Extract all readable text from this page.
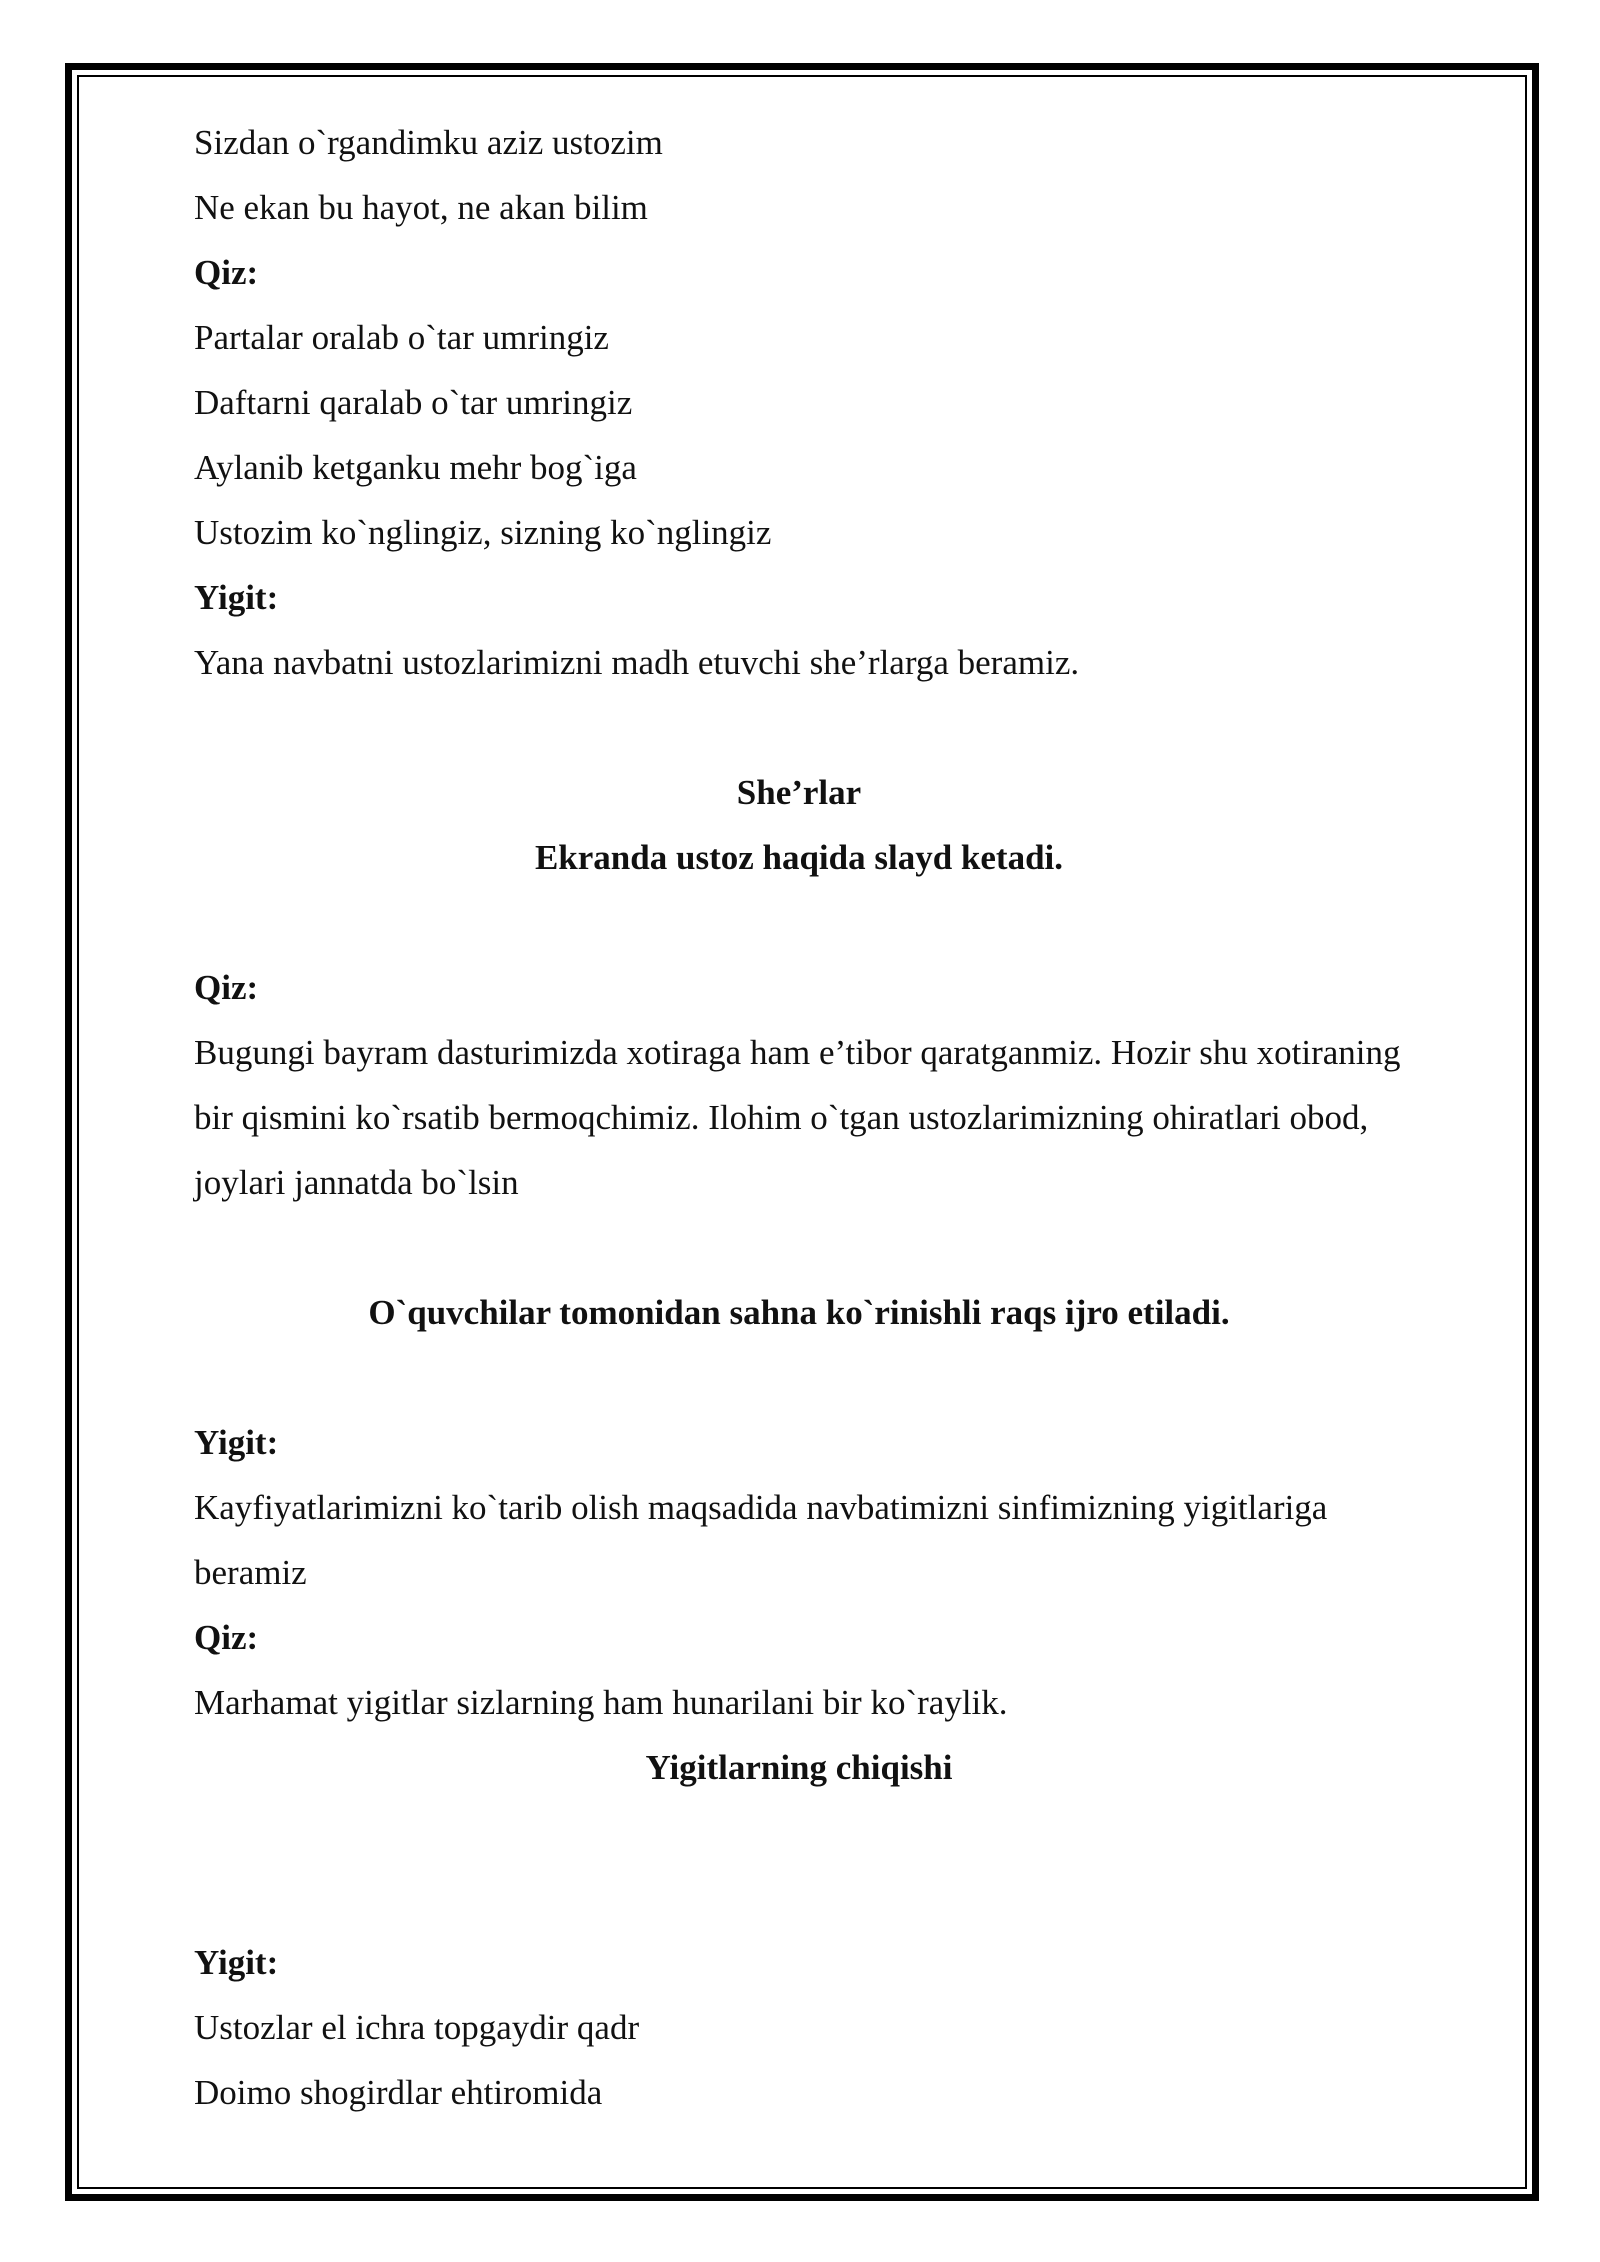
Sizdan o`rgandimku aziz ustozim

Ne ekan bu hayot, ne akan bilim

Qiz:

Partalar oralab o`tar umringiz

Daftarni qaralab o`tar umringiz

Aylanib ketganku mehr bog`iga

Ustozim ko`nglingiz, sizning ko`nglingiz

Yigit:

Yana navbatni ustozlarimizni madh etuvchi she’rlarga beramiz.

She’rlar

Ekranda ustoz haqida slayd ketadi.

Qiz:

Bugungi bayram dasturimizda xotiraga ham e’tibor qaratganmiz. Hozir shu xotiraning bir qismini ko`rsatib bermoqchimiz. Ilohim o`tgan ustozlarimizning ohiratlari obod, joylari jannatda bo`lsin

O`quvchilar tomonidan sahna ko`rinishli raqs ijro etiladi.

Yigit:

Kayfiyatlarimizni ko`tarib olish maqsadida navbatimizni sinfimizning yigitlariga beramiz

Qiz:

Marhamat yigitlar sizlarning ham hunarilani bir ko`raylik.

Yigitlarning chiqishi

Yigit:

Ustozlar el ichra topgaydir qadr

Doimo shogirdlar ehtiromida
